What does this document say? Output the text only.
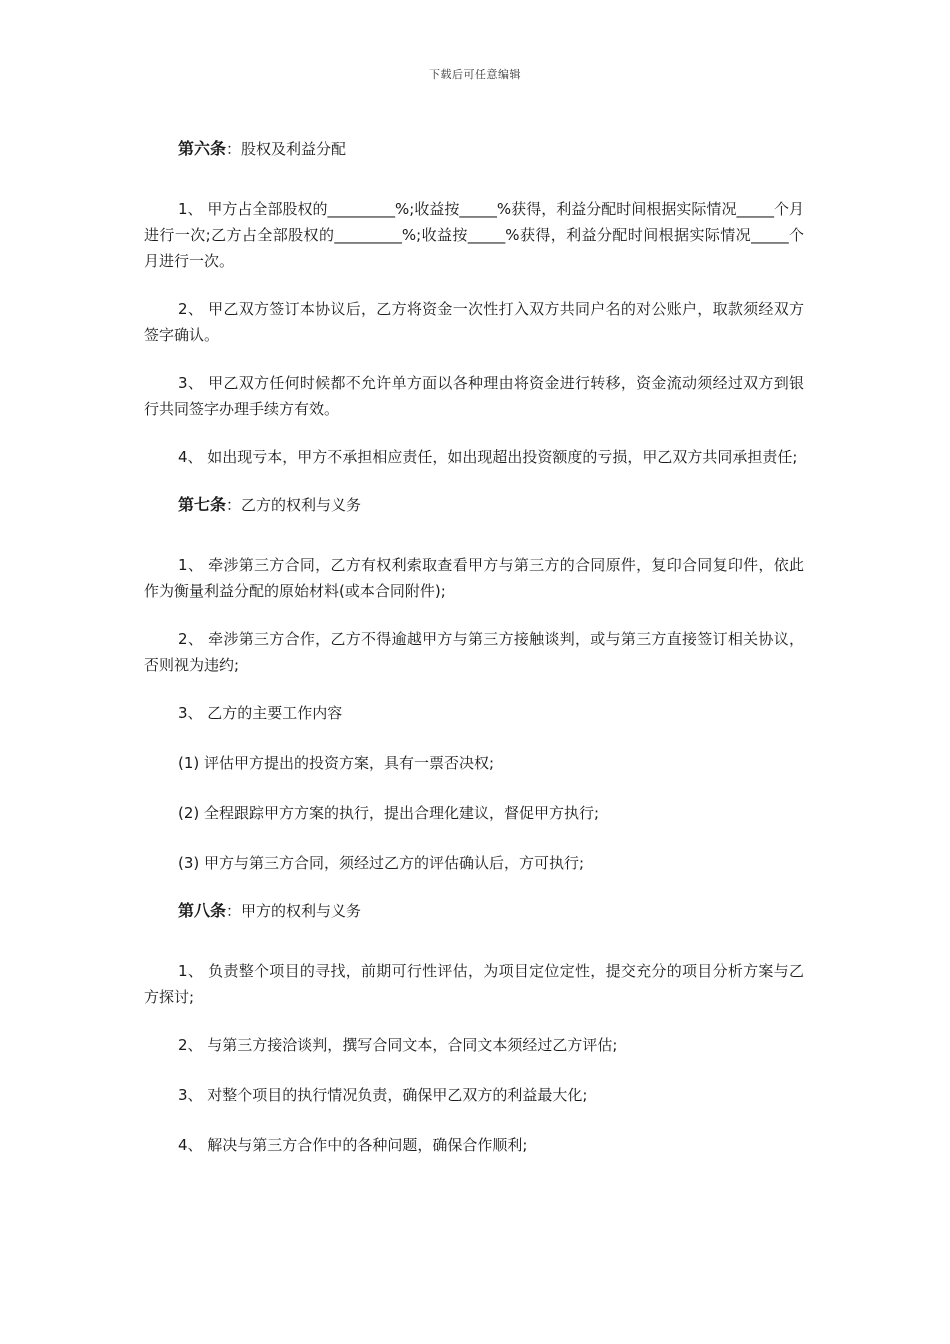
下载后可任意编辑

第六条：股权及利益分配

1、 甲方占全部股权的_________%;收益按_____%获得，利益分配时间根据实际情况_____个月进行一次;乙方占全部股权的_________%;收益按_____%获得，利益分配时间根据实际情况_____个月进行一次。

2、 甲乙双方签订本协议后，乙方将资金一次性打入双方共同户名的对公账户，取款须经双方签字确认。

3、 甲乙双方任何时候都不允许单方面以各种理由将资金进行转移，资金流动须经过双方到银行共同签字办理手续方有效。

4、 如出现亏本，甲方不承担相应责任，如出现超出投资额度的亏损，甲乙双方共同承担责任;

第七条：乙方的权利与义务

1、 牵涉第三方合同，乙方有权利索取查看甲方与第三方的合同原件，复印合同复印件，依此作为衡量利益分配的原始材料(或本合同附件);

2、 牵涉第三方合作，乙方不得逾越甲方与第三方接触谈判，或与第三方直接签订相关协议，否则视为违约;

3、 乙方的主要工作内容

(1) 评估甲方提出的投资方案，具有一票否决权;

(2) 全程跟踪甲方方案的执行，提出合理化建议，督促甲方执行;

(3) 甲方与第三方合同，须经过乙方的评估确认后，方可执行;

第八条：甲方的权利与义务

1、 负责整个项目的寻找，前期可行性评估，为项目定位定性，提交充分的项目分析方案与乙方探讨;

2、 与第三方接洽谈判，撰写合同文本，合同文本须经过乙方评估;

3、 对整个项目的执行情况负责，确保甲乙双方的利益最大化;

4、 解决与第三方合作中的各种问题，确保合作顺利;
